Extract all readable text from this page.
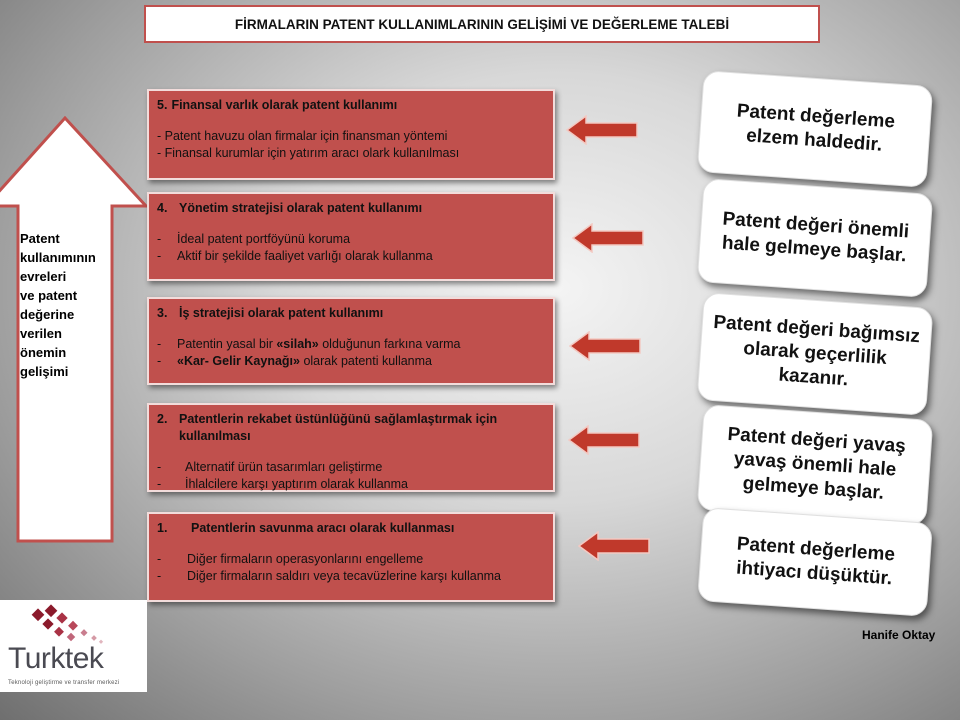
FİRMALARIN PATENT KULLANIMLARININ GELİŞİMİ VE DEĞERLEME TALEBİ
Patent
kullanımının
evreleri
ve patent
değerine
verilen
önemin
gelişimi
5. Finansal varlık olarak patent kullanımı
- Patent havuzu olan firmalar için finansman yöntemi
- Finansal kurumlar için yatırım aracı olark kullanılması
4. Yönetim stratejisi olarak patent kullanımı
-	İdeal patent portföyünü koruma
-	Aktif bir şekilde faaliyet varlığı olarak kullanma
3. İş stratejisi olarak patent kullanımı
-	Patentin yasal bir «silah» olduğunun farkına varma
-	«Kar- Gelir Kaynağı» olarak patenti kullanma
2. Patentlerin rekabet üstünlüğünü sağlamlaştırmak için kullanılması
-	Alternatif ürün tasarımları geliştirme
-	İhlalcilere karşı yaptırım olarak kullanma
1.	Patentlerin savunma aracı olarak kullanması
-	Diğer firmaların operasyonlarını engelleme
-	Diğer firmaların saldırı veya tecavüzlerine karşı kullanma
Patent değerleme elzem haldedir.
Patent değeri önemli hale gelmeye başlar.
Patent değeri bağımsız olarak geçerlilik kazanır.
Patent değeri yavaş yavaş önemli hale gelmeye başlar.
Patent değerleme ihtiyacı düşüktür.
Hanife Oktay
Turktek
Teknoloji geliştirme ve transfer merkezi
